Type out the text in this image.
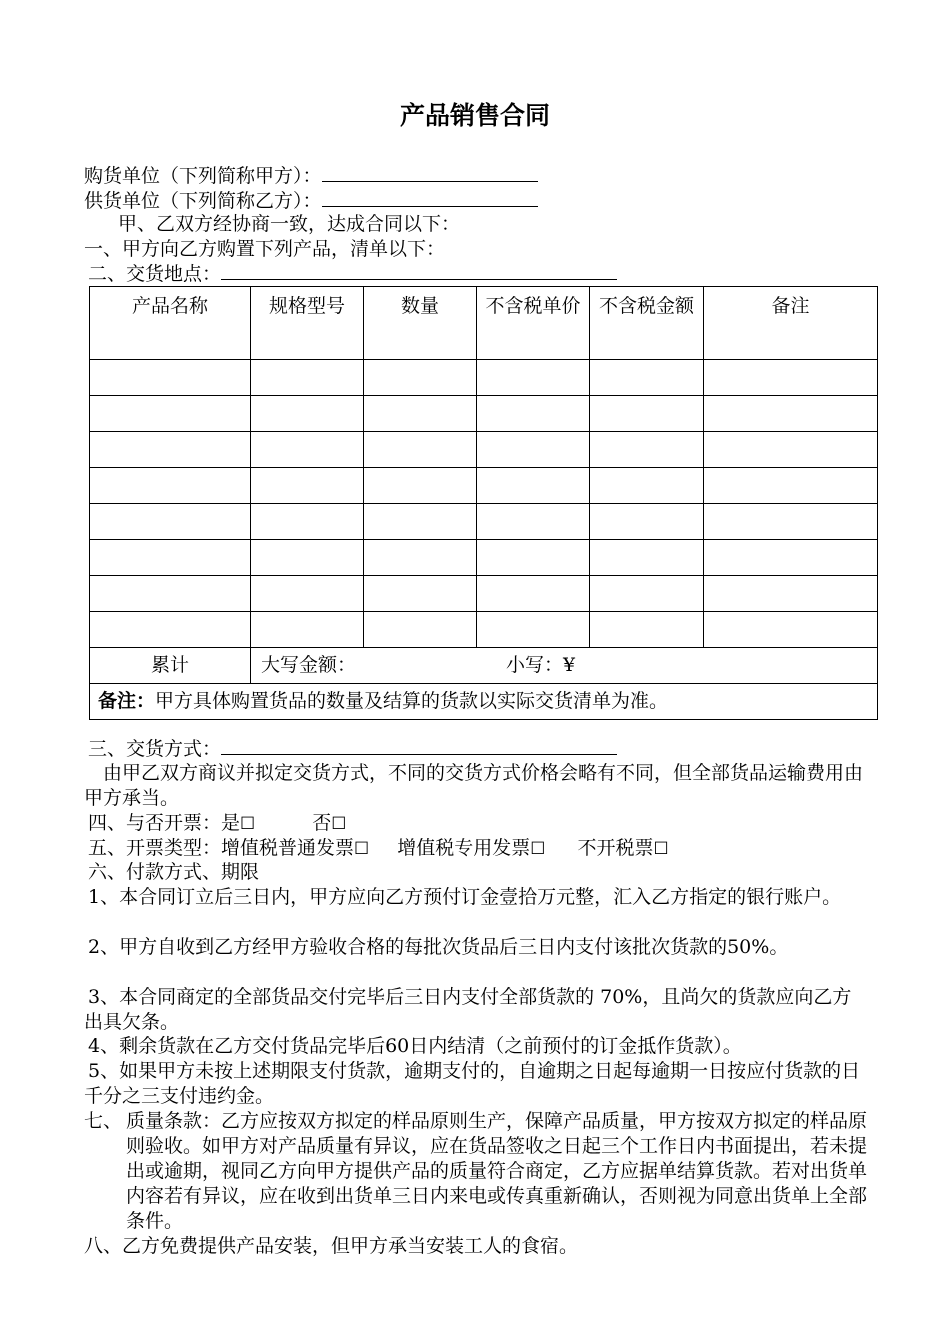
产品销售合同
购货单位（下列简称甲方）：
供货单位（下列简称乙方）：
甲、乙双方经协商一致，达成合同以下：
一、甲方向乙方购置下列产品，清单以下：
二、交货地点：
产品名称	规格型号	数量	不含税单价	不含税金额	备注

累计	大写金额： 小写：¥				

备注：甲方具体购置货品的数量及结算的货款以实际交货清单为准。					
三、交货方式：
由甲乙双方商议并拟定交货方式，不同的交货方式价格会略有不同，但全部货品运输费用由甲方承当。
四、与否开票：是☐	否☐
五、开票类型：增值税普通发票☐ 增值税专用发票☐ 不开税票☐
六、付款方式、期限
1、本合同订立后三日内，甲方应向乙方预付订金壹拾万元整，汇入乙方指定的银行账户。
2、甲方自收到乙方经甲方验收合格的每批次货品后三日内支付该批次货款的50%。
3、本合同商定的全部货品交付完毕后三日内支付全部货款的 70%，且尚欠的货款应向乙方出具欠条。
4、剩余货款在乙方交付货品完毕后60日内结清（之前预付的订金抵作货款）。
5、如果甲方未按上述期限支付货款，逾期支付的，自逾期之日起每逾期一日按应付货款的日千分之三支付违约金。
七、 质量条款：乙方应按双方拟定的样品原则生产，保障产品质量，甲方按双方拟定的样品原则验收。如甲方对产品质量有异议，应在货品签收之日起三个工作日内书面提出，若未提出或逾期，视同乙方向甲方提供产品的质量符合商定，乙方应据单结算货款。若对出货单内容若有异议，应在收到出货单三日内来电或传真重新确认，否则视为同意出货单上全部条件。
八、乙方免费提供产品安装，但甲方承当安装工人的食宿。
